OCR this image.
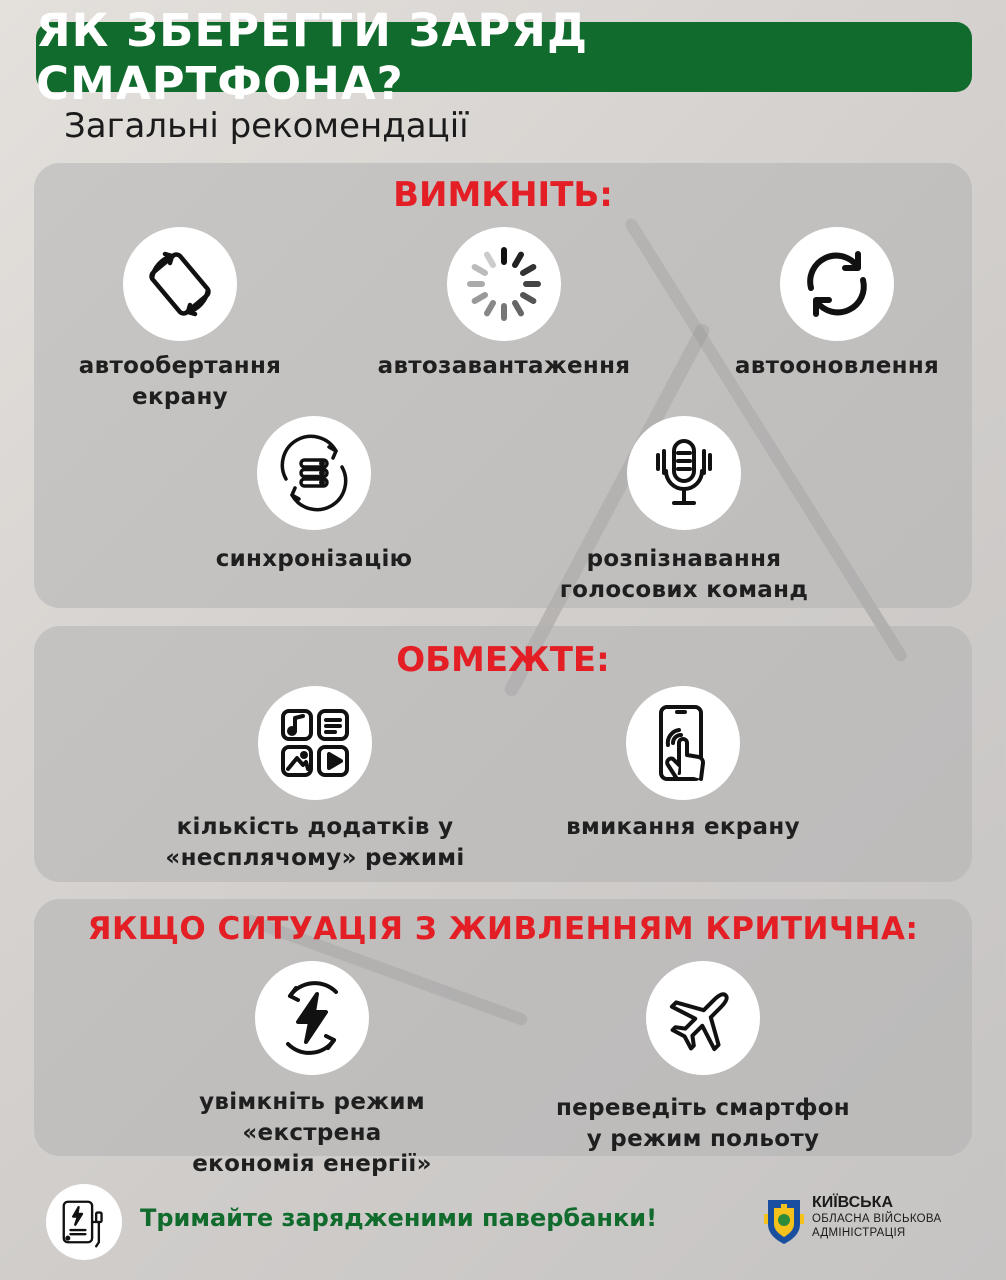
ЯК ЗБЕРЕГТИ ЗАРЯД СМАРТФОНА?
Загальні рекомендації
ВИМКНІТЬ:
автообертання
екрану
автозавантаження	автооновлення
синхронізацію	розпізнавання
голосових команд
ОБМЕЖТЕ:
кількість додатків у
«несплячому» режимі
вмикання екрану
ЯКЩО СИТУАЦІЯ З ЖИВЛЕННЯМ КРИТИЧНА:
увімкніть режим «екстрена
економія енергії»
переведіть смартфон
у режим польоту
Тримайте зарядженими павербанки!
КИЇВСЬКА
ОБЛАСНА ВІЙСЬКОВА
АДМІНІСТРАЦІЯ
